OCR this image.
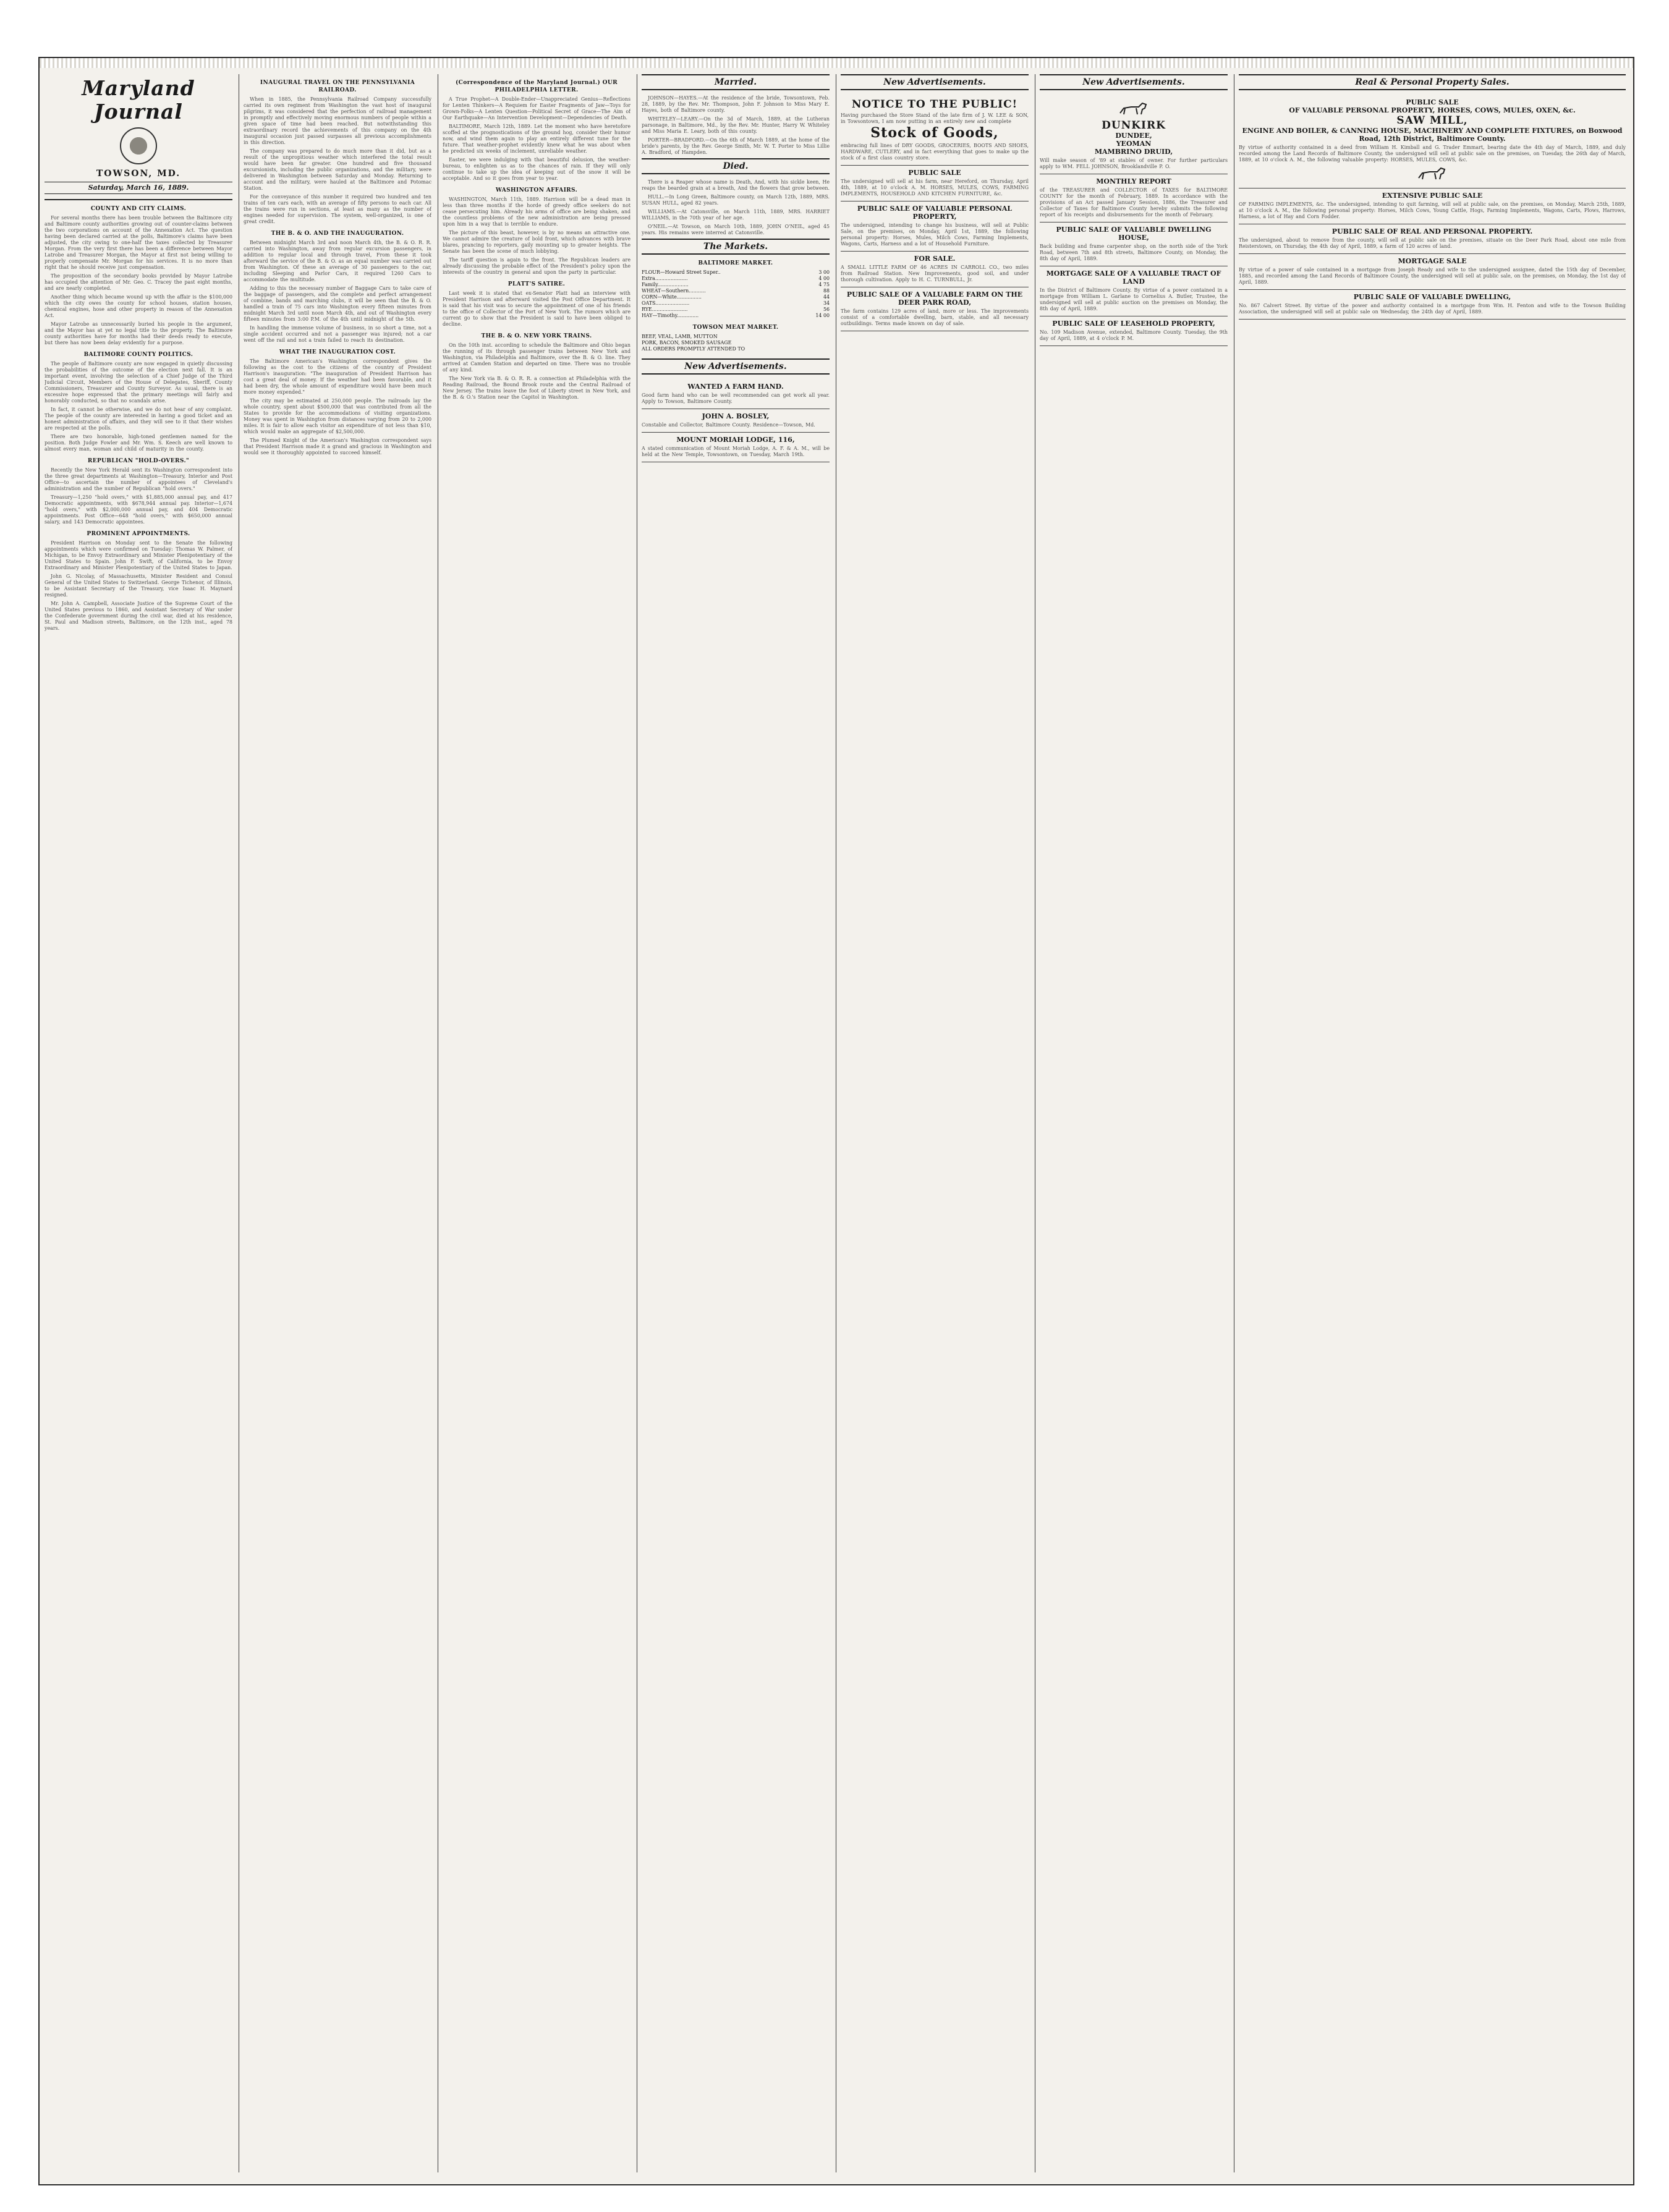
Maryland Journal
TOWSON, MD.
Saturday, March 16, 1889.
COUNTY AND CITY CLAIMS.

For several months there has been trouble between the Baltimore city and Baltimore county authorities growing out of counter-claims between the two corporations on account of the Annexation Act. The question having been declared carried at the polls, Baltimore's claims have been adjusted, the city owing to one-half the taxes collected by Treasurer Morgan. From the very first there has been a difference between Mayor Latrobe and Treasurer Morgan, the Mayor at first not being willing to properly compensate Mr. Morgan for his services. It is no more than right that he should receive just compensation.

The proposition of the secondary books provided by Mayor Latrobe has occupied the attention of Mr. Geo. C. Tracey the past eight months, and are nearly completed.

Another thing which became wound up with the affair is the $100,000 which the city owes the county for school houses, station houses, chemical engines, hose and other property in reason of the Annexation Act.

Mayor Latrobe as unnecessarily buried his people in the argument, and the Mayor has at yet no legal title to the property. The Baltimore county authorities have for months had their deeds ready to execute, but there has now been delay evidently for a purpose.

BALTIMORE COUNTY POLITICS.

The people of Baltimore county are now engaged in quietly discussing the probabilities of the outcome of the election next fall. It is an important event, involving the selection of a Chief Judge of the Third Judicial Circuit, Members of the House of Delegates, Sheriff, County Commissioners, Treasurer and County Surveyor. As usual, there is an excessive hope expressed that the primary meetings will fairly and honorably conducted, so that no scandals arise.

In fact, it cannot be otherwise, and we do not hear of any complaint. The people of the county are interested in having a good ticket and an honest administration of affairs, and they will see to it that their wishes are respected at the polls.

There are two honorable, high-toned gentlemen named for the position. Both Judge Fowler and Mr. Wm. S. Keech are well known to almost every man, woman and child of maturity in the county.

REPUBLICAN "HOLD-OVERS."

Recently the New York Herald sent its Washington correspondent into the three great departments at Washington—Treasury, Interior and Post Office—to ascertain the number of appointees of Cleveland's administration and the number of Republican "hold overs."

Treasury—1,250 "hold overs," with $1,885,000 annual pay, and 417 Democratic appointments, with $678,944 annual pay. Interior—1,674 "hold overs," with $2,000,000 annual pay, and 404 Democratic appointments. Post Office—648 "hold overs," with $650,000 annual salary, and 143 Democratic appointees.

PROMINENT APPOINTMENTS.

President Harrison on Monday sent to the Senate the following appointments which were confirmed on Tuesday: Thomas W. Palmer, of Michigan, to be Envoy Extraordinary and Minister Plenipotentiary of the United States to Spain. John F. Swift, of California, to be Envoy Extraordinary and Minister Plenipotentiary of the United States to Japan.

John G. Nicolay, of Massachusetts, Minister Resident and Consul General of the United States to Switzerland. George Tichenor, of Illinois, to be Assistant Secretary of the Treasury, vice Isaac H. Maynard resigned.

Mr. John A. Campbell, Associate Justice of the Supreme Court of the United States previous to 1860, and Assistant Secretary of War under the Confederate government during the civil war, died at his residence, St. Paul and Madison streets, Baltimore, on the 12th inst., aged 78 years.

INAUGURAL TRAVEL ON THE PENNSYLVANIA RAILROAD.

When in 1885, the Pennsylvania Railroad Company successfully carried its own regiment from Washington the vast host of inaugural pilgrims, it was considered that the perfection of railroad management in promptly and effectively moving enormous numbers of people within a given space of time had been reached. But notwithstanding this extraordinary record the achievements of this company on the 4th inaugural occasion just passed surpasses all previous accomplishments in this direction.

The company was prepared to do much more than it did, but as a result of the unpropitious weather which interfered the total result would have been far greater. One hundred and five thousand excursionists, including the public organizations, and the military, were delivered in Washington between Saturday and Monday. Returning to account and the military, were hauled at the Baltimore and Potomac Station.

For the conveyance of this number it required two hundred and ten trains of ten cars each, with an average of fifty persons to each car. All the trains were run in sections, at least as many as the number of engines needed for supervision. The system, well-organized, is one of great credit.

THE B. & O. AND THE INAUGURATION.

Between midnight March 3rd and noon March 4th, the B. & O. R. R. carried into Washington, away from regular excursion passengers, in addition to regular local and through travel, From these it took afterward the service of the B. & O. as an equal number was carried out from Washington. Of these an average of 30 passengers to the car, including Sleeping and Parlor Cars, it required 1260 Cars to accommodate the multitude.

Adding to this the necessary number of Baggage Cars to take care of the baggage of passengers, and the complete and perfect arrangement of combine, bands and marching clubs, it will be seen that the B. & O. handled a train of 75 cars into Washington every fifteen minutes from midnight March 3rd until noon March 4th, and out of Washington every fifteen minutes from 3:00 P.M. of the 4th until midnight of the 5th.

In handling the immense volume of business, in so short a time, not a single accident occurred and not a passenger was injured; not a car went off the rail and not a train failed to reach its destination.

WHAT THE INAUGURATION COST.

The Baltimore American's Washington correspondent gives the following as the cost to the citizens of the country of President Harrison's inauguration: "The inauguration of President Harrison has cost a great deal of money. If the weather had been favorable, and it had been dry, the whole amount of expenditure would have been much more money expended."

The city may be estimated at 250,000 people. The railroads lay the whole country, spent about $500,000 that was contributed from all the States to provide for the accommodations of visiting organizations. Money was spent in Washington from distances varying from 20 to 2,000 miles. It is fair to allow each visitor an expenditure of not less than $10, which would make an aggregate of $2,500,000.

The Plumed Knight of the American's Washington correspondent says that President Harrison made it a grand and gracious in Washington and would see it thoroughly appointed to succeed himself.

(Correspondence of the Maryland Journal.) OUR PHILADELPHIA LETTER.

A True Prophet—A Double-Ender—Unappreciated Genius—Reflections for Lenten Thinkers—A Requiem for Easter Fragments of Jaw—Toys for Grown-Folks—A Lenten Question—Political Secret of Grace—The Aim of Our Earthquake—An Intervention Development—Dependencies of Death.

BALTIMORE, March 12th, 1889. Let the moment who have heretofore scoffed at the prognostications of the ground hog, consider their humor now, and wind them again to play an entirely different tune for the future. That weather-prophet evidently knew what he was about when he predicted six weeks of inclement, unreliable weather.

Easter, we were indulging with that beautiful delusion, the weather-bureau, to enlighten us as to the chances of rain. If they will only continue to take up the idea of keeping out of the snow it will be acceptable. And so it goes from year to year.

WASHINGTON AFFAIRS.

WASHINGTON, March 11th, 1889. Harrison will be a dead man in less than three months if the horde of greedy office seekers do not cease persecuting him. Already his arms of office are being shaken, and the countless problems of the new administration are being pressed upon him in a way that is terrible to endure.

The picture of this beast, however, is by no means an attractive one. We cannot admire the creature of bold front, which advances with brave blares, prancing to reporters, gaily mounting up to greater heights. The Senate has been the scene of much lobbying.

The tariff question is again to the front. The Republican leaders are already discussing the probable effect of the President's policy upon the interests of the country in general and upon the party in particular.

PLATT'S SATIRE.

Last week it is stated that ex-Senator Platt had an interview with President Harrison and afterward visited the Post Office Department. It is said that his visit was to secure the appointment of one of his friends to the office of Collector of the Port of New York. The rumors which are current go to show that the President is said to have been obliged to decline.

THE B. & O. NEW YORK TRAINS.

On the 10th inst. according to schedule the Baltimore and Ohio began the running of its through passenger trains between New York and Washington, via Philadelphia and Baltimore, over the B. & O. line. They arrived at Camden Station and departed on time. There was no trouble of any kind.

The New York via B. & O. R. R. a connection at Philadelphia with the Reading Railroad, the Bound Brook route and the Central Railroad of New Jersey. The trains leave the foot of Liberty street in New York, and the B. & O.'s Station near the Capitol in Washington.

Married.

JOHNSON—HAYES.—At the residence of the bride, Towsontown, Feb. 28, 1889, by the Rev. Mr. Thompson, John F. Johnson to Miss Mary E. Hayes, both of Baltimore county.

WHITELEY—LEARY.—On the 3d of March, 1889, at the Lutheran parsonage, in Baltimore, Md., by the Rev. Mr. Hunter, Harry W. Whiteley and Miss Maria E. Leary, both of this county.

PORTER—BRADFORD.—On the 6th of March 1889, at the home of the bride's parents, by the Rev. George Smith, Mr. W. T. Porter to Miss Lillie A. Bradford, of Hampden.

Died.

There is a Reaper whose name is Death, And, with his sickle keen, He reaps the bearded grain at a breath, And the flowers that grow between.

HULL.—In Long Green, Baltimore county, on March 12th, 1889, MRS. SUSAN HULL, aged 82 years.

WILLIAMS.—At Catonsville, on March 11th, 1889, MRS. HARRIET WILLIAMS, in the 70th year of her age.

O'NEIL.—At Towson, on March 10th, 1889, JOHN O'NEIL, aged 45 years. His remains were interred at Catonsville.

The Markets.
BALTIMORE MARKET.
FLOUR—Howard Street Super..	3 00
Extra.....................	4 00
Family....................	4 75
WHEAT—Southern...........	88
CORN—White................	44
OATS......................	34
RYE.......................	56
HAY—Timothy..............	14 00
TOWSON MEAT MARKET.
BEEF, VEAL, LAMB, MUTTON
PORK, BACON, SMOKED SAUSAGE
ALL ORDERS PROMPTLY ATTENDED TO
New Advertisements.
WANTED A FARM HAND.
Good farm hand who can be well recommended can get work all year. Apply to Towson, Baltimore County.
JOHN A. BOSLEY,
Constable and Collector, Baltimore County. Residence—Towson, Md.
MOUNT MORIAH LODGE, 116,
A stated communication of Mount Moriah Lodge, A. F. & A. M., will be held at the New Temple, Towsontown, on Tuesday, March 19th.
New Advertisements.
NOTICE TO THE PUBLIC!
Having purchased the Store Stand of the late firm of J. W. LEE & SON, in Towsontown, I am now putting in an entirely new and complete
Stock of Goods,
embracing full lines of DRY GOODS, GROCERIES, BOOTS AND SHOES, HARDWARE, CUTLERY, and in fact everything that goes to make up the stock of a first class country store.
PUBLIC SALE
The undersigned will sell at his farm, near Hereford, on Thursday, April 4th, 1889, at 10 o'clock A. M. HORSES, MULES, COWS, FARMING IMPLEMENTS, HOUSEHOLD AND KITCHEN FURNITURE, &c.
PUBLIC SALE OF VALUABLE PERSONAL PROPERTY,
The undersigned, intending to change his business, will sell at Public Sale, on the premises, on Monday, April 1st, 1889, the following personal property: Horses, Mules, Milch Cows, Farming Implements, Wagons, Carts, Harness and a lot of Household Furniture.
FOR SALE.
A SMALL LITTLE FARM OF 46 ACRES IN CARROLL CO., two miles from Railroad Station. New Improvements, good soil, and under thorough cultivation. Apply to H. C. TURNBULL, Jr.
PUBLIC SALE OF A VALUABLE FARM ON THE DEER PARK ROAD,
The farm contains 129 acres of land, more or less. The improvements consist of a comfortable dwelling, barn, stable, and all necessary outbuildings. Terms made known on day of sale.
New Advertisements.
DUNKIRK
DUNDEE,
YEOMAN
MAMBRINO DRUID,
Will make season of '89 at stables of owner. For further particulars apply to WM. FELL JOHNSON, Brooklandville P. O.
MONTHLY REPORT
of the TREASURER and COLLECTOR of TAXES for BALTIMORE COUNTY for the month of February, 1889. In accordance with the provisions of an Act passed January Session, 1886, the Treasurer and Collector of Taxes for Baltimore County hereby submits the following report of his receipts and disbursements for the month of February.
PUBLIC SALE OF VALUABLE DWELLING HOUSE,
Back building and frame carpenter shop, on the north side of the York Road, between 7th and 8th streets, Baltimore County, on Monday, the 8th day of April, 1889.
MORTGAGE SALE OF A VALUABLE TRACT OF LAND
In the District of Baltimore County. By virtue of a power contained in a mortgage from William L. Garlane to Cornelius A. Butler, Trustee, the undersigned will sell at public auction on the premises on Monday, the 8th day of April, 1889.
PUBLIC SALE OF LEASEHOLD PROPERTY,
No. 109 Madison Avenue, extended, Baltimore County. Tuesday, the 9th day of April, 1889, at 4 o'clock P. M.
Real & Personal Property Sales.
PUBLIC SALE
OF VALUABLE PERSONAL PROPERTY, HORSES, COWS, MULES, OXEN, &c.
SAW MILL,
ENGINE AND BOILER, & CANNING HOUSE, MACHINERY AND COMPLETE FIXTURES, on Boxwood Road, 12th District, Baltimore County.
By virtue of authority contained in a deed from William H. Kimball and G. Trader Emmart, bearing date the 4th day of March, 1889, and duly recorded among the Land Records of Baltimore County, the undersigned will sell at public sale on the premises, on Tuesday, the 26th day of March, 1889, at 10 o'clock A. M., the following valuable property: HORSES, MULES, COWS, &c.
EXTENSIVE PUBLIC SALE
OF FARMING IMPLEMENTS, &c. The undersigned, intending to quit farming, will sell at public sale, on the premises, on Monday, March 25th, 1889, at 10 o'clock A. M., the following personal property: Horses, Milch Cows, Young Cattle, Hogs, Farming Implements, Wagons, Carts, Plows, Harrows, Harness, a lot of Hay and Corn Fodder.
PUBLIC SALE OF REAL AND PERSONAL PROPERTY.
The undersigned, about to remove from the county, will sell at public sale on the premises, situate on the Deer Park Road, about one mile from Reisterstown, on Thursday, the 4th day of April, 1889, a farm of 120 acres of land.
MORTGAGE SALE
By virtue of a power of sale contained in a mortgage from Joseph Ready and wife to the undersigned assignee, dated the 15th day of December, 1885, and recorded among the Land Records of Baltimore County, the undersigned will sell at public sale, on the premises, on Monday, the 1st day of April, 1889.
PUBLIC SALE OF VALUABLE DWELLING,
No. 867 Calvert Street. By virtue of the power and authority contained in a mortgage from Wm. H. Fenton and wife to the Towson Building Association, the undersigned will sell at public sale on Wednesday, the 24th day of April, 1889.
